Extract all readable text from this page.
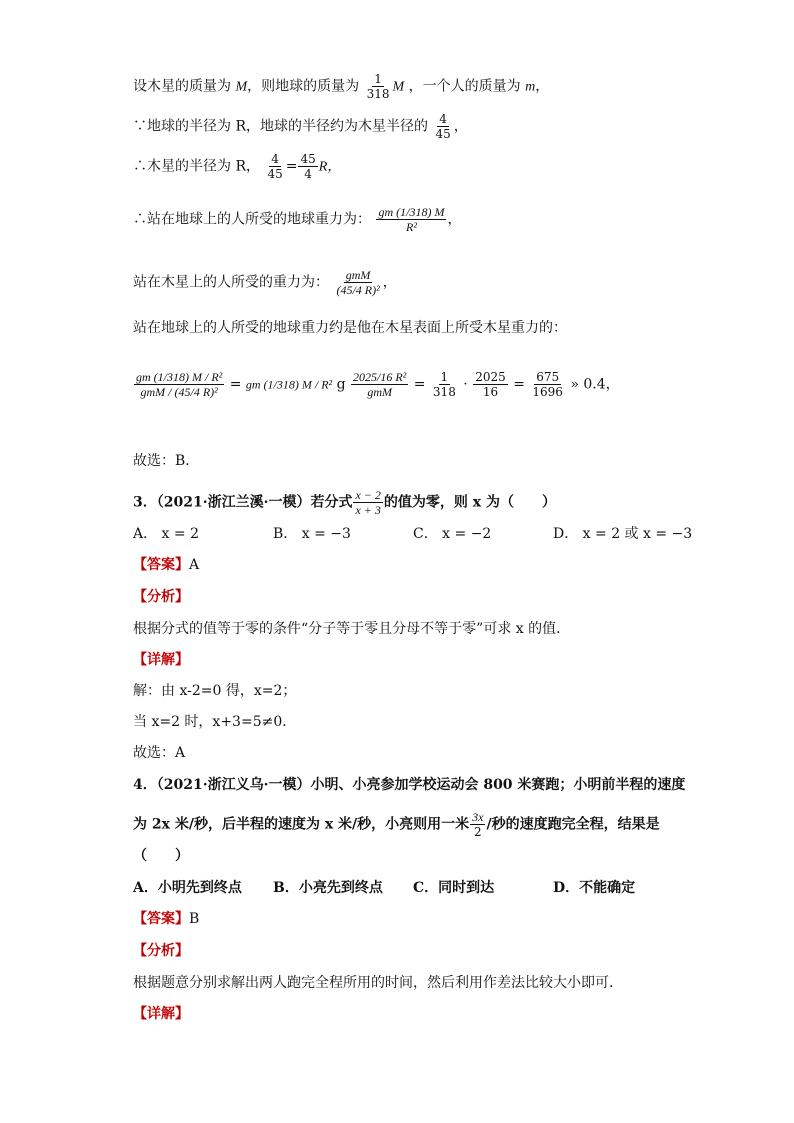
设木星的质量为 M，则地球的质量为 $\frac{1}{318}$ M ，一个人的质量为 m，
∵地球的半径为 R，地球的半径约为木星半径的 $\frac{4}{45}$ ，
∴木星的半径为 R， $\frac{4}{45} = \frac{45}{4}$ R，
∴站在地球上的人所受的地球重力为： $\frac{gm (1/318) M}{\text{R²}}$ ，
站在木星上的人所受的重力为： $\frac{\text{gmM}}{\text{(45/4 R)²}}$ ，
站在地球上的人所受的地球重力约是他在木星表面上所受木星重力的：
$\frac{\text{gm (1/318) M / R²}}{\text{gmM / (45/4 R)²}}$ = gm (1/318) M / R² g $\frac{\text{2025/16 R²}}{\text{gmM}} = \frac{1}{318} \cdot \frac{2025}{16} = \frac{675}{1696}$ » 0.4，
故选：B．
3．（2021·浙江兰溪·一模）若分式 $\frac{x - 2}{x + 3}$ 的值为零，则 x 为（　　）
A． x = 2	B． x = −3	C． x = −2	D． x = 2 或 x = −3
【答案】A
【分析】
根据分式的值等于零的条件“分子等于零且分母不等于零”可求 x 的值．
【详解】
解：由 x-2=0 得，x=2；
当 x=2 时，x+3=5≠0．
故选：A
4．（2021·浙江义乌·一模）小明、小亮参加学校运动会 800 米赛跑；小明前半程的速度
为 2x 米/秒，后半程的速度为 x 米/秒，小亮则用一米 $\frac{3x}{2}$ /秒的速度跑完全程，结果是
（　　）
A．小明先到终点 B．小亮先到终点 C．同时到达	D．不能确定
【答案】B
【分析】
根据题意分别求解出两人跑完全程所用的时间，然后利用作差法比较大小即可．
【详解】
